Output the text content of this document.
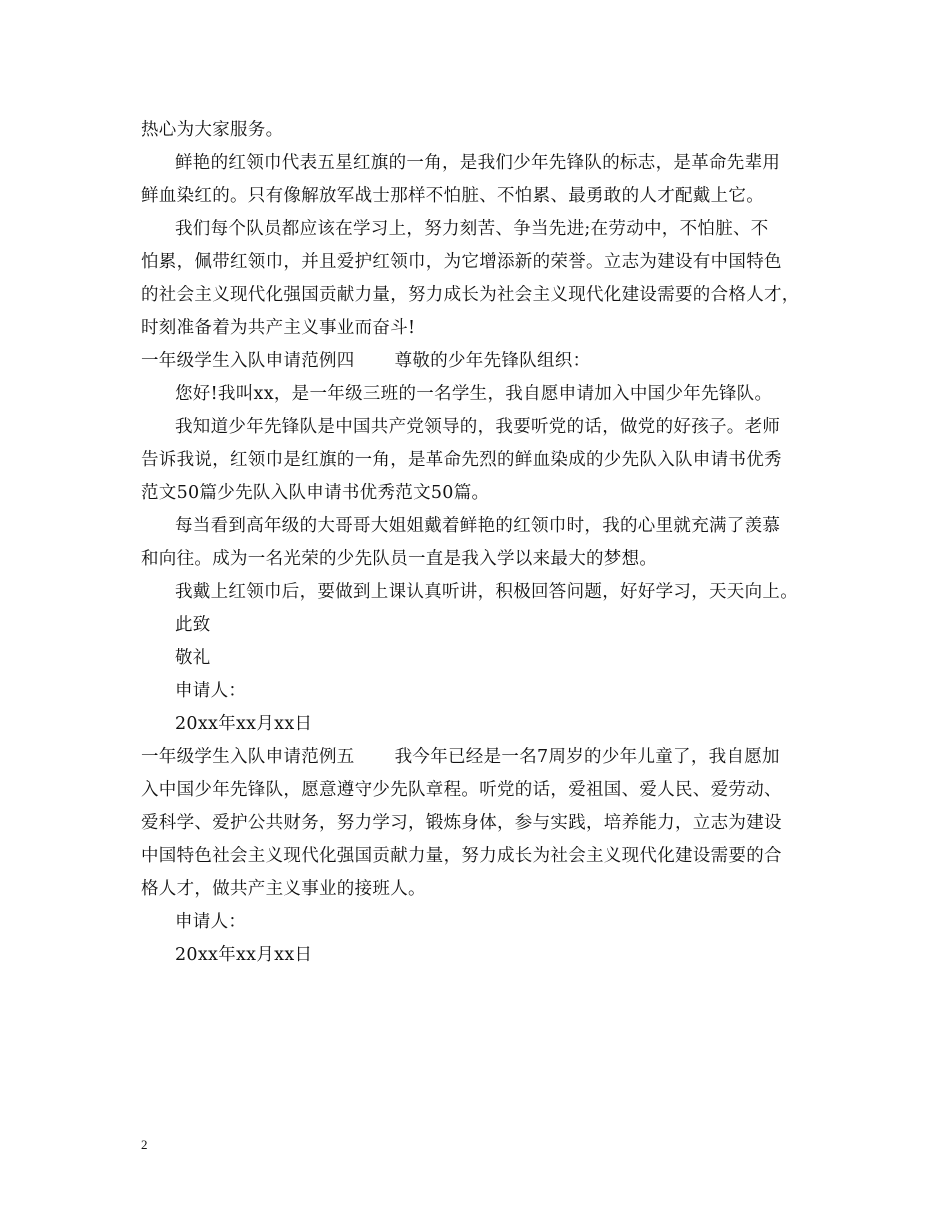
热心为大家服务。
鲜艳的红领巾代表五星红旗的一角，是我们少年先锋队的标志，是革命先辈用
鲜血染红的。只有像解放军战士那样不怕脏、不怕累、最勇敢的人才配戴上它。
我们每个队员都应该在学习上，努力刻苦、争当先进;在劳动中，不怕脏、不
怕累，佩带红领巾，并且爱护红领巾，为它增添新的荣誉。立志为建设有中国特色
的社会主义现代化强国贡献力量，努力成长为社会主义现代化建设需要的合格人才，
时刻准备着为共产主义事业而奋斗!
一年级学生入队申请范例四 尊敬的少年先锋队组织：
您好!我叫xx，是一年级三班的一名学生，我自愿申请加入中国少年先锋队。
我知道少年先锋队是中国共产党领导的，我要听党的话，做党的好孩子。老师
告诉我说，红领巾是红旗的一角，是革命先烈的鲜血染成的少先队入队申请书优秀
范文50篇少先队入队申请书优秀范文50篇。
每当看到高年级的大哥哥大姐姐戴着鲜艳的红领巾时，我的心里就充满了羡慕
和向往。成为一名光荣的少先队员一直是我入学以来最大的梦想。
我戴上红领巾后，要做到上课认真听讲，积极回答问题，好好学习，天天向上。
此致
敬礼
申请人：
20xx年xx月xx日
一年级学生入队申请范例五 我今年已经是一名7周岁的少年儿童了，我自愿加
入中国少年先锋队，愿意遵守少先队章程。听党的话，爱祖国、爱人民、爱劳动、
爱科学、爱护公共财务，努力学习，锻炼身体，参与实践，培养能力，立志为建设
中国特色社会主义现代化强国贡献力量，努力成长为社会主义现代化建设需要的合
格人才，做共产主义事业的接班人。
申请人：
20xx年xx月xx日
2
